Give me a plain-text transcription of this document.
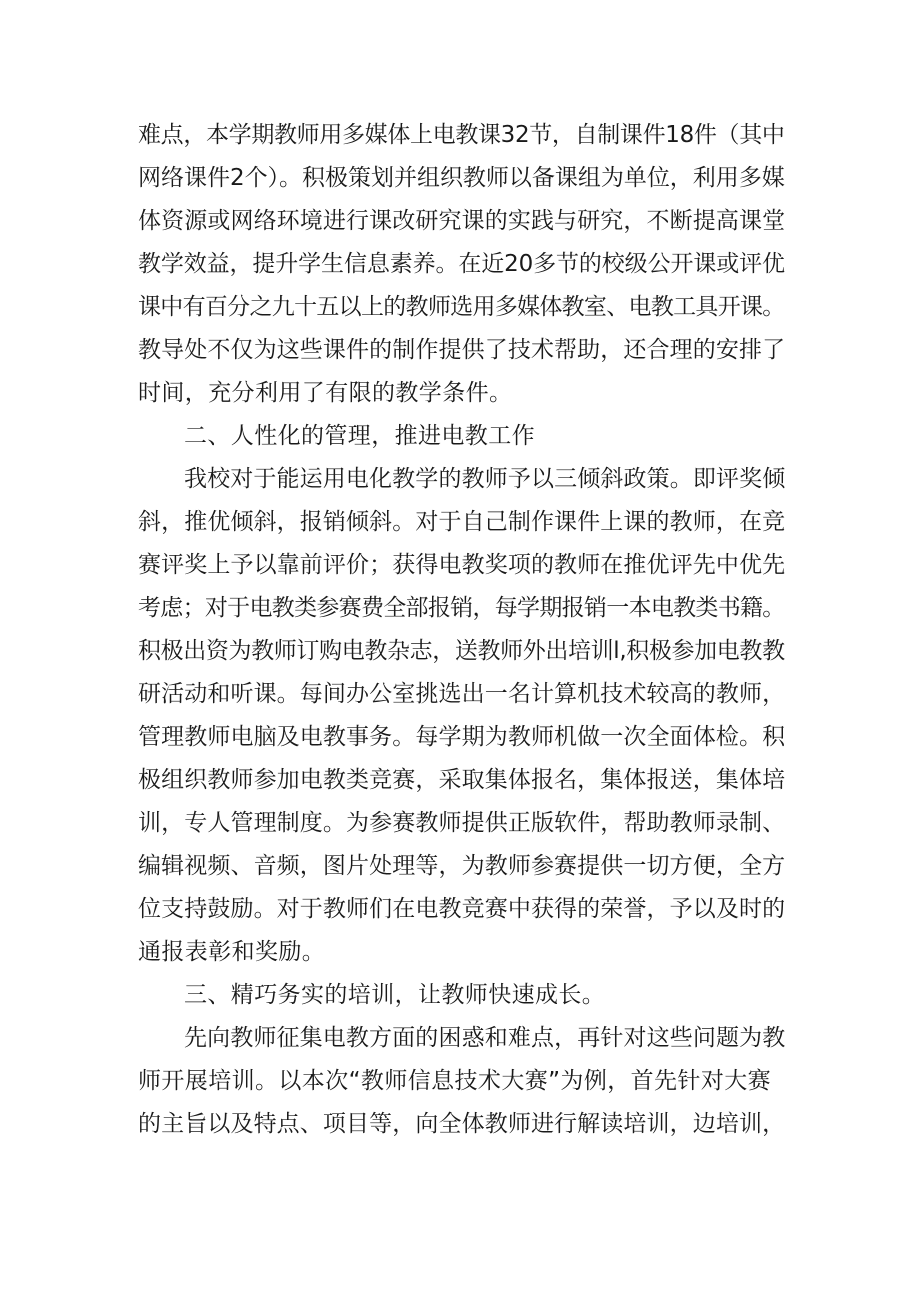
难点，本学期教师用多媒体上电教课32节，自制课件18件（其中
网络课件2个）。积极策划并组织教师以备课组为单位，利用多媒
体资源或网络环境进行课改研究课的实践与研究，不断提高课堂
教学效益，提升学生信息素养。在近20多节的校级公开课或评优
课中有百分之九十五以上的教师选用多媒体教室、电教工具开课。
教导处不仅为这些课件的制作提供了技术帮助，还合理的安排了
时间，充分利用了有限的教学条件。
二、人性化的管理，推进电教工作
我校对于能运用电化教学的教师予以三倾斜政策。即评奖倾
斜，推优倾斜，报销倾斜。对于自己制作课件上课的教师，在竞
赛评奖上予以靠前评价；获得电教奖项的教师在推优评先中优先
考虑；对于电教类参赛费全部报销，每学期报销一本电教类书籍。
积极出资为教师订购电教杂志，送教师外出培训l,积极参加电教教
研活动和听课。每间办公室挑选出一名计算机技术较高的教师，
管理教师电脑及电教事务。每学期为教师机做一次全面体检。积
极组织教师参加电教类竞赛，采取集体报名，集体报送，集体培
训，专人管理制度。为参赛教师提供正版软件，帮助教师录制、
编辑视频、音频，图片处理等，为教师参赛提供一切方便，全方
位支持鼓励。对于教师们在电教竞赛中获得的荣誉，予以及时的
通报表彰和奖励。
三、精巧务实的培训，让教师快速成长。
先向教师征集电教方面的困惑和难点，再针对这些问题为教
师开展培训。以本次“教师信息技术大赛”为例，首先针对大赛
的主旨以及特点、项目等，向全体教师进行解读培训，边培训，
